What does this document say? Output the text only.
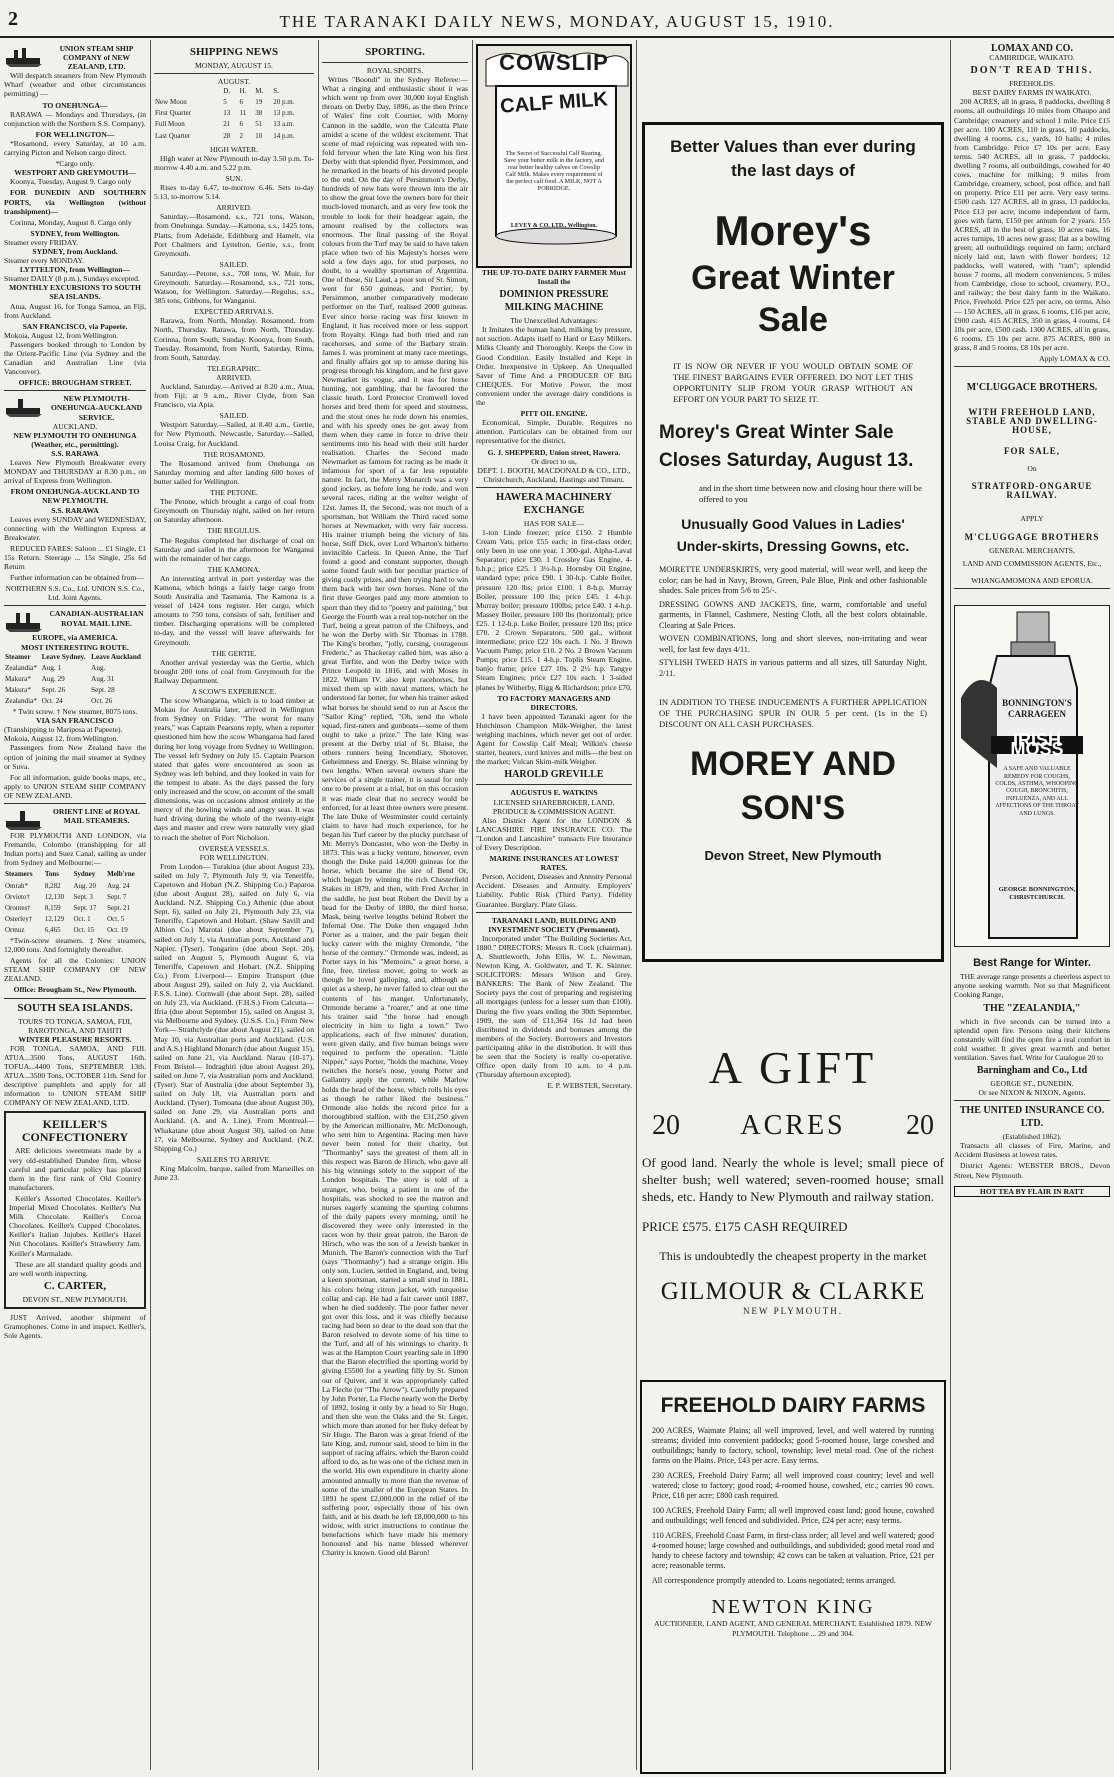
2	THE TARANAKI DAILY NEWS, MONDAY, AUGUST 15, 1910.
UNION STEAM SHIP COMPANY of NEW ZEALAND, LTD.

Will despatch steamers from New Plymouth Wharf (weather and other circumstances permitting) —

TO ONEHUNGA—

RARAWA — Mondays and Thursdays, (in conjunction with the Northern S.S. Company).

FOR WELLINGTON—

*Rosamond, every Saturday, at 10 a.m. carrying Picton and Nelson cargo direct.

*Cargo only.
WESTPORT AND GREYMOUTH—

Koonya, Tuesday, August 9. Cargo only

FOR DUNEDIN AND SOUTHERN PORTS, via Wellington (without transhipment)—

Corinna, Monday, August 8. Cargo only

SYDNEY, from Wellington.
Steamer every FRIDAY.
SYDNEY, from Auckland.
Steamer every MONDAY.
LYTTELTON, from Wellington—
Steamer DAILY (8 p.m.), Sundays excepted.
MONTHLY EXCURSIONS TO SOUTH SEA ISLANDS.

Atua, August 16, for Tonga Samoa, an Fiji, from Auckland.

SAN FRANCISCO, via Papeete.
Mokoia, August 12, from Wellington.

Passengers booked through to London by the Orient-Pacific Line (via Sydney and the Canadian and Australian Line (via Vancouver).

OFFICE: BROUGHAM STREET.
NEW PLYMOUTH-ONEHUNGA-AUCKLAND SERVICE.
AUCKLAND.
NEW PLYMOUTH TO ONEHUNGA (Weather, etc., permitting).
S.S. RARAWA

Leaves New Plymouth Breakwater every MONDAY and THURSDAY at 8.30 p.m., on arrival of Express from Wellington.

FROM ONEHUNGA-AUCKLAND TO NEW PLYMOUTH.
S.S. RARAWA

Leaves every SUNDAY and WEDNESDAY, connecting with the Wellington Express at Breakwater.

REDUCED FARES: Saloon ... £1 Single, £1 15s Return. Steerage ... 15s Single, 25s 6d Return

Further information can be obtained from—

NORTHERN S.S. Co., Ltd. UNION S.S. Co., Ltd. Joint Agents.
CANADIAN-AUSTRALIAN ROYAL MAIL LINE.
EUROPE, via AMERICA.
MOST INTERESTING ROUTE.
Steamer	Leave Sydney.	Leave Auckland
Zealandia*	Aug. 1	Aug.
Makura*	Aug. 29	Aug. 31
Makura*	Sept. 26	Sept. 28
Zealandia*	Oct. 24	Oct. 26
* Twin screw. † New steamer, 8075 tons.
VIA SAN FRANCISCO
(Transhipping to Mariposa at Papeete).
Mokoia, August 12, from Wellington.

Passengers from New Zealand have the option of joining the mail steamer at Sydney or Suva.

For all information, guide books maps, etc., apply to UNION STEAM SHIP COMPANY OF NEW ZEALAND.

ORIENT LINE of ROYAL MAIL STEAMERS.

FOR PLYMOUTH AND LONDON, via Fremantle, Colombo (transhipping for all Indian ports) and Suez Canal, sailing as under from Sydney and Melbourne:—

Steamers	Tons	Sydney	Melb'rne
Omrah*	8,282	Aug. 20	Aug. 24
Orvieto†	12,130	Sept. 3	Sept. 7
Orontes†	8,159	Sept. 17	Sept. 21
Osterley†	12,129	Oct. 1	Oct. 5
Ormuz	6,465	Oct. 15	Oct. 19

*Twin-screw steamers. ‡New steamers, 12,000 tons. And fortnightly thereafter.

Agents for all the Colonies: UNION STEAM SHIP COMPANY OF NEW ZEALAND.

Office: Brougham St., New Plymouth.
SOUTH SEA ISLANDS.
TOURS TO TONGA, SAMOA, FIJI, RAROTONGA, AND TAHITI
WINTER PLEASURE RESORTS.

FOR TONGA, SAMOA, AND FIJI. ATUA...3500 Tons, AUGUST 16th. TOFUA...4400 Tons, SEPTEMBER 13th. ATUA...3500 Tons, OCTOBER 11th. Send for descriptive pamphlets and apply for all information to UNION STEAM SHIP COMPANY OF NEW ZEALAND, LTD.

KEILLER'S CONFECTIONERY

ARE delicious sweetmeats made by a very old-established Dundee firm, whose careful and particular policy has placed them in the first rank of Old Country manufacturers.

Keiller's Assorted Chocolates. Keiller's Imperial Mixed Chocolates. Keiller's Nut Milk Chocolate. Keiller's Cocoa Chocolates. Keiller's Cupped Chocolates. Keiller's Italian Jujubes. Keiller's Hazel Nut Chocolates. Keiller's Strawberry Jam. Keiller's Marmalade.

These are all standard quality goods and are well worth inspecting.

C. CARTER,
DEVON ST., NEW PLYMOUTH.

JUST Arrived, another shipment of Gramophones. Come in and inspect. Keiller's, Sole Agents.

SHIPPING NEWS
MONDAY, AUGUST 15.
AUGUST.
	D.	H.	M.	S.
New Moon	5	6	19	20 p.m.
First Quarter	13	11	38	13 p.m.
Full Moon	21	6	51	13 a.m.
Last Quarter	28	2	10	14 p.m.
HIGH WATER.

High water at New Plymouth to-day 3.50 p.m. To-morrow 4.40 a.m. and 5.22 p.m.

SUN.

Rises to-day 6.47, to-morrow 6.46. Sets to-day 5.13, to-morrow 5.14.

ARRIVED.

Saturday.—Rosamond, s.s., 721 tons, Watson, from Onehunga. Sunday.—Kamona, s.s., 1425 tons, Platts, from Adelaide, Edithburg and Hamelt, via Port Chalmers and Lyttelton. Gertie, s.s., from Greymouth.

SAILED.

Saturday.—Petone, s.s., 708 tons, W. Muir, for Greymouth. Saturday.—Rosamond, s.s., 721 tons, Watson, for Wellington. Saturday.—Regulus, s.s., 385 tons, Gibbons, for Wanganui.

EXPECTED ARRIVALS.

Rarawa, from North, Monday. Rosamond, from North, Thursday. Rarawa, from North, Thursday. Corinna, from South, Sunday. Koonya, from South, Tuesday. Rosamond, from North, Saturday. Rimu, from South, Saturday.

TELEGRAPHIC.
ARRIVED.

Auckland, Saturday.—Arrived at 8.20 a.m., Atua, from Fiji; at 9 a.m., River Clyde, from San Francisco, via Apia.

SAILED.

Westport Saturday.—Sailed, at 8.40 a.m., Gertie, for New Plymouth. Newcastle, Saturday.—Sailed, Louisa Craig, for Auckland.

THE ROSAMOND.

The Rosamond arrived from Onehunga on Saturday morning and after landing 600 boxes of butter sailed for Wellington.

THE PETONE.

The Petone, which brought a cargo of coal from Greymouth on Thursday night, sailed on her return on Saturday afternoon.

THE REGULUS.

The Regulus completed her discharge of coal on Saturday and sailed in the afternoon for Wanganui with the remainder of her cargo.

THE KAMONA.

An interesting arrival in port yesterday was the Kamona, which brings a fairly large cargo from South Australia and Tasmania. The Kamona is a vessel of 1424 tons register. Her cargo, which amounts to 750 tons, consists of salt, fertiliser and timber. Discharging operations will be completed to-day, and the vessel will leave afterwards for Greymouth.

THE GERTIE.

Another arrival yesterday was the Gertie, which brought 200 tons of coal from Greymouth for the Railway Department.

A SCOW'S EXPERIENCE.

The scow Whangaroa, which is to load timber at Mokau for Australia later, arrived in Wellington from Sydney on Friday. "The worst for many years," was Captain Pearsons reply, when a reporter questioned him how the scow Whangaroa had fared during her long voyage from Sydney to Wellington. The vessel left Sydney on July 15. Captain Pearson stated that gales were encountered as soon as Sydney was left behind, and they looked in vain for the tempest to abate. As the days passed the fury only increased and the scow, on account of the small dimensions, was on occasions almost entirely at the mercy of the howling winds and angry seas. It was hard driving during the whole of the twenty-eight days and master and crew were naturally very glad to reach the shelter of Port Nicholson.

OVERSEA VESSELS.
FOR WELLINGTON.

From London— Turakina (due about August 23), sailed on July 7, Plymouth July 9, via Teneriffe, Capetown and Hobart (N.Z. Shipping Co.) Paparoa (due about August 28), sailed on July 6, via Auckland. N.Z. Shipping Co.) Athenic (due about Sept. 6), sailed on July 21, Plymouth July 23, via Teneriffe, Capetown and Hobart. (Shaw Savill and Albion Co.) Marotai (due about September 7), sailed on July 1, via Australian ports, Auckland and Napier. (Tyser). Tongariro (due about Sept. 20), sailed on August 5, Plymouth August 6, via Teneriffe, Capetown and Hobart. (N.Z. Shipping Co.) From Liverpool— Empire Transport (due about August 29), sailed on July 2, via Auckland. F.S.S. Line). Cornwall (due about Sept. 28), sailed on July 23, via Auckland. (F.H.S.) From Calcutta— Ifria (due about September 15), sailed on August 3, via Melbourne and Sydney. (U.S.S. Co.) From New York— Strathclyde (due about August 21), sailed on May 10, via Australian ports and Auckland. (U.S. and A.S.) Highland Monarch (due about August 15), sailed on June 21, via Auckland. Narau (10-17). From Bristol— Indraghiri (due about August 20), sailed on June 7, via Australian ports and Auckland. (Tyser). Star of Australia (due about September 3), sailed on July 18, via Australian ports and Auckland. (Tyser). Tomoana (due about August 30), sailed on June 29, via Australian ports and Auckland. (A. and A. Line). From Montreal— Whakatane (due about August 30), sailed on June 17, via Melbourne, Sydney and Auckland. (N.Z. Shipping Co.)

SAILERS TO ARRIVE.

King Malcolm, barque, sailed from Marseilles on June 23.

SPORTING.
ROYAL SPORTS.

Writes "Boondi" in the Sydney Referee:—What a ringing and enthusiastic shout it was which went up from over 30,000 loyal English throats on Derby Day, 1896, as the then Prince of Wales' fine colt Courtier, with Morny Cannon in the saddle, won the Calcutta Plate amidst a scene of the wildest excitement. That scene of mad rejoicing was repeated with ten-fold fervour when the late King won his first Derby with that splendid flyer, Persimmon, and he remarked in the hearts of his devoted people to the end. On the day of Persimmon's Derby, hundreds of new hats were thrown into the air to show the great love the owners bore for their much-loved monarch, and as very few took the trouble to look for their headgear again, the amount realised by the collectors was enormous. The final passing of the Royal colours from the Turf may be said to have taken place when two of his Majesty's horses were sold a few days ago, for stud purposes, no doubt, to a wealthy sportsman of Argentina. One of these, Sir Laud, a poor son of St. Simon, went for 650 guineas, and Perrier, by Persimmon, another comparatively moderate performer on the Turf, realised 2000 guineas. Ever since horse racing was first known in England, it has received more or less support from Royalty. Kings had both tried and ran racehorses, and some of the Barbary strain. James I. was prominent at many race meetings, and finally affairs got up to amuse during his progress through his kingdom, and he first gave Newmarket its vogue, and it was for horse hunting, not gambling, that he favoured the classic heath. Lord Protector Cromwell loved horses and bred them for speed and stoutness, and the stout ones he rode down his enemies, and with his speedy ones he got away from them when they came in force to drive their sentiments into his head with their still harder realisation. Charles the Second made Newmarket as famous for racing as he made it infamous for sport of a far less reputable nature. In fact, the Merry Monarch was a very good jockey, as before long he rode, and won several races, riding at the welter weight of 12st. James II, the Second, was not much of a sportsman, but William the Third raced some horses at Newmarket, with very fair success. His trainer triumph being the victory of his horse, Stiff Dick, over Lord Wharton's hitherto invincible Carless. In Queen Anne, the Turf found a good and constant supporter, though some found fault with her peculiar practice of giving costly prizes, and then trying hard to win them back with her own horses. None of the first three Georges paid any more attention to sport than they did to "poetry and painting," but George the Fourth was a real top-notcher on the Turf, being a great patron of the Chifneys, and he won the Derby with Sir Thomas in 1788. The King's brother, "jolly, cursing, courageous Frederic," as Thackeray called him, was also a great Turfite, and won the Derby twice with Prince Leopold in 1816, and with Moses in 1822. William IV. also kept racehorses, but mixed them up with naval matters, which he understood far better, for when his trainer asked what horses he should send to run at Ascot the "Sailor King" replied, "Oh, send the whole squad, first-raters and gunboats—some of them ought to take a prize." The late King was present at the Derby trial of St. Blaise, the others runners being Incendiary, Shotover, Geheimness and Energy. St. Blaise winning by two lengths. When several owners share the services of a single trainer, it is usual for only one to be present at a trial, but on this occasion it was made clear that no secrecy would be enforced, for at least three owners were present. The late Duke of Westminster could certainly claim to have had much experience, for he began his Turf career by the plucky purchase of Mr. Merry's Doncaster, who won the Derby in 1873. This was a lucky venture, however, even though the Duke paid 14,000 guineas for the horse, which became the sire of Bend Or, which began by winning the rich Chesterfield Stakes in 1879, and then, with Fred Archer in the saddle, he just beat Robert the Devil by a head for the Derby of 1880, the third horse, Mask, being twelve lengths behind Robert the Infernal One. The Duke then engaged John Porter as a trainer, and the pair began their lucky career with the mighty Ormonde, "the horse of the century." Ormonde was, indeed, as Porter says in his "Memoirs," a great horse, a fine, free, tireless mover, going to work as though he loved galloping, and, although as quiet as a sheep, he never failed to clear out the contents of his manger. Unfortunately, Ormonde became a "roarer," and at one time his trainer said "the horse had enough electricity in him to light a town." Two applications, each of five minutes' duration, were given daily, and five human beings were required to perform the operation. "Little Nipper," says Porter, "holds the machine, Vesey twitches the horse's nose, young Porter and Gallantry apply the current, while Marlow holds the head of the horse, which rolls his eyes as though he rather liked the business." Ormonde also holds the record price for a thoroughbred stallion, with the £31,250 given by the American millionaire, Mr. McDonough, who sent him to Argentina. Racing men have never been noted for their charity, but "Thormanby" says the greatest of them all in this respect was Baron de Hirsch, who gave all his big winnings solely to the support of the London hospitals. The story is told of a stranger, who, being a patient in one of the hospitals, was shocked to see the matron and nurses eagerly scanning the sporting columns of the daily papers every morning, until he discovered they were only interested in the races won by their great patron, the Baron de Hirsch, who was the son of a Jewish banker in Munich. The Baron's connection with the Turf (says "Thormanby") had a strange origin. His only son, Lucien, settled in England, and, being a keen sportsman, started a small stud in 1881, his colors being citron jacket, with turquoise collar and cap. He had a fair career until 1887, when he died suddenly. The poor father never got over this loss, and it was chiefly because racing had been so dear to the dead son that the Baron resolved to devote some of his time to the Turf, and all of his winnings to charity. It was at the Hampton Court yearling sale in 1890 that the Baron electrified the sporting world by giving £5500 for a yearling filly by St. Simon out of Quiver, and it was appropriately called La Fleche (or "The Arrow"). Carefully prepared by John Porter, La Fleche nearly won the Derby of 1892, losing it only by a head to Sir Hugo, and then she won the Oaks and the St. Leger, which more than atoned for her fluky defeat by Sir Hugo. The Baron was a great friend of the late King, and, rumour said, stood to him in the support of racing affairs, which the Baron could afford to do, as he was one of the richest men in the world. His own expenditure in charity alone amounted annually to more than the revenue of some of the smaller of the European States. In 1891 he spent £2,000,000 in the relief of the suffering poor, especially those of his own faith, and at his death he left £8,000,000 to his widow, with strict instructions to continue the benefactions which have made his memory honoured and his name blessed wherever Charity is known. Good old Baron!

COWSLIP
CALF MILK
The Secret of Successful Calf Rearing. Save your butter milk in the factory, and rear better healthy calves on Cowslip Calf Milk. Makes every requirement of the perfect calf food. A MILK, NOT A PORRIDGE.
LEVEY & CO. LTD., Wellington.
THE UP-TO-DATE DAIRY FARMER Must Install the
DOMINION PRESSURE MILKING MACHINE
The Unexcelled Advantages:

It Imitates the human hand, milking by pressure, not suction. Adapts itself to Hard or Easy Milkers. Milks Cleanly and Thoroughly. Keeps the Cow in Good Condition. Easily Installed and Kept in Order. Inexpensive in Upkeep. An Unequalled Saver of Time And a PRODUCER OF BIG CHEQUES. For Motive Power, the most convenient under the average dairy conditions is the

PITT OIL ENGINE.

Economical, Simple, Durable. Requires no attention. Particulars can be obtained from our representative for the district,

G. J. SHEPPERD, Union street, Hawera.
Or direct to us,
DEPT. 1. BOOTH, MACDONALD & CO., LTD., Christchurch, Auckland, Hastings and Timaru.
HAWERA MACHINERY EXCHANGE
HAS FOR SALE—

1-ton Linde freezer; price £150. 2 Humble Cream Vats, price £55 each; in first-class order; only been in use one year. 1 300-gal. Alpha-Laval Separator; price £30. 1 Crossley Gas Engine, 4-b.h.p.; price £25. 1 3½-h.p. Hornsby Oil Engine, standard type; price £90. 1 30-h.p. Cable Boiler, pressure 120 lbs; price £100. 1 8-h.p. Murray Boiler, pressure 100 lbs; price £45. 1 4-h.p. Murray boiler; pressure 100lbs; price £40. 1 4-h.p. Massey Boiler, pressure 100 lbs (horizontal); price £25. 1 12-h.p. Luke Boiler, pressure 120 lbs; price £70. 2 Crown Separators, 500 gal., without intermediate; price £22 10s each. 1 No. 3 Brown Vacuum Pump; price £10. 2 No. 2 Brown Vacuum Pumps; price £15. 1 4-h.p. Toplis Steam Engine, banjo frame; price £27 10s. 2 2½ h.p. Tangye Steam Engines; price £27 10s each. 1 3-sided planes by Witherby, Rigg & Richardson; price £70.

TO FACTORY MANAGERS AND DIRECTORS.

I have been appointed Taranaki agent for the Hutchinson Champion Milk-Weigher, the latest weighing machines, which never get out of order. Agent for Cowslip Calf Meal; Wilkin's cheese starter, heaters, curd knives and mills—the best on the market; Vulcan Skim-milk Weigher.

HAROLD GREVILLE
AUGUSTUS E. WATKINS
LICENSED SHAREBROKER, LAND, PRODUCE & COMMISSION AGENT.

Also District Agent for the LONDON & LANCASHIRE FIRE INSURANCE CO. The "London and Lancashire" transacts Fire Insurance of Every Description.

MARINE INSURANCES AT LOWEST RATES.

Person, Accident, Diseases and Annuity Personal Accident. Diseases and Annuity. Employers' Liability. Public Risk (Third Party). Fidelity Guarantee. Burglary. Plate Glass.

TARANAKI LAND, BUILDING AND INVESTMENT SOCIETY (Permanent).

Incorporated under "The Building Societies Act, 1880." DIRECTORS: Messrs R. Cock (chairman), A. Shuttleworth, John Ellis, W. L. Newman, Newton King, A. Goldwater, and T. K. Skinner. SOLICITORS: Messrs Wilson and Grey. BANKERS: The Bank of New Zealand. The Society pays the cost of preparing and registering all mortgages (unless for a lesser sum than £100). During the five years ending the 30th September, 1909, the sum of £11,364 16s 1d had been distributed in dividends and bonuses among the members of the Society. Borrowers and Investors participating alike in the distribution. It will thus be seen that the Society is really co-operative. Office open daily from 10 a.m. to 4 p.m. (Thursday afternoon excepted).

E. P. WEBSTER, Secretary.
Better Values than ever during the last days of
Morey's
Great Winter Sale
IT IS NOW OR NEVER IF YOU WOULD OBTAIN SOME OF THE FINEST BARGAINS EVER OFFERED. DO NOT LET THIS OPPORTUNITY SLIP FROM YOUR GRASP WITHOUT AN EFFORT ON YOUR PART TO SEIZE IT.
Morey's Great Winter Sale Closes Saturday, August 13.
and in the short time between now and closing hour there will be offered to you
Unusually Good Values in Ladies' Under-skirts, Dressing Gowns, etc.
MOIRETTE UNDERSKIRTS, very good material, will wear well, and keep the color; can be had in Navy, Brown, Green, Pale Blue, Pink and other fashionable shades. Sale prices from 5/6 to 25/-.
DRESSING GOWNS AND JACKETS, fine, warm, comfortable and useful garments, in Flannel, Cashmere, Nesting Cloth, all the best colors obtainable. Clearing at Sale Prices.
WOVEN COMBINATIONS, long and short sleeves, non-irritating and wear well, for last few days 4/11.
STYLISH TWEED HATS in various patterns and all sizes, till Saturday Night, 2/11.
IN ADDITION TO THESE INDUCEMENTS A FURTHER APPLICATION OF THE PURCHASING SPUR IN OUR 5 per cent. (1s in the £) DISCOUNT ON ALL CASH PURCHASES.
MOREY AND SON'S
Devon Street, New Plymouth
A GIFT
20 ACRES 20
Of good land. Nearly the whole is level; small piece of shelter bush; well watered; seven-roomed house; small sheds, etc. Handy to New Plymouth and railway station.
PRICE £575. £175 CASH REQUIRED
This is undoubtedly the cheapest property in the market
GILMOUR & CLARKE
NEW PLYMOUTH.
FREEHOLD DAIRY FARMS
200 ACRES, Waimate Plains; all well improved, level, and well watered by running streams; divided into convenient paddocks; good 5-roomed house, large cowshed and outbuildings; handy to factory, school, township; level metal road. One of the richest farms on the Plains. Price, £43 per acre. Easy terms.
230 ACRES, Freehold Dairy Farm; all well improved coast country; level and well watered; close to factory; good road; 4-roomed house, cowshed, etc.; carries 90 cows. Price, £18 per acre; £800 cash required.
100 ACRES, Freehold Dairy Farm; all well improved coast land; good house, cowshed and outbuildings; well fenced and subdivided. Price, £24 per acre; easy terms.
110 ACRES, Freehold Coast Farm, in first-class order; all level and well watered; good 4-roomed house; large cowshed and outbuildings, and subdivided; good metal road and handy to cheese factory and township; 42 cows can be taken at valuation. Price, £21 per acre; reasonable terms.
All correspondence promptly attended to. Loans negotiated; terms arranged.
NEWTON KING
AUCTIONEER, LAND AGENT, AND GENERAL MERCHANT, Established 1879. NEW PLYMOUTH. Telephone ... 29 and 304.
LOMAX AND CO.
CAMBRIDGE, WAIKATO.
DON'T READ THIS.
FREEHOLDS.
BEST DAIRY FARMS IN WAIKATO.

200 ACRES, all in grass, 8 paddocks, dwelling 8 rooms, all outbuildings 10 miles from Ohaupo and Cambridge; creamery and school 1 mile. Price £15 per acre. 100 ACRES, 110 in grass, 10 paddocks, dwelling 4 rooms, c.s., yards, 10 bails; 4 miles from Cambridge. Price £7 10s per acre. Easy terms. 540 ACRES, all in grass, 7 paddocks, dwelling 7 rooms, all outbuildings, cowshed for 40 cows, machine for milking; 9 miles from Cambridge, creamery, school, post office, and hall on property. Price £11 per acre. Very easy terms. £500 cash. 127 ACRES, all in grass, 13 paddocks, Price £13 per acre; income independent of farm, goes with farm, £150 per annum for 2 years. 155 ACRES, all in the best of grass, 10 acres oats, 16 acres turnips, 10 acres new grass; flat as a bowling green; all outbuildings required on farm; orchard nicely laid out, lawn with flower borders; 12 paddocks, well watered, with "ram"; splendid house 7 rooms, all modern conveniences, 5 miles from Cambridge, close to school, creamery, P.O., and railway; the best dairy farm in the Waikato. Price, Freehold. Price £25 per acre, on terms. Also— 150 ACRES, all in grass, 6 rooms, £16 per acre, £900 cash. 415 ACRES, 350 in grass, 4 rooms, £4 10s per acre, £500 cash. 1300 ACRES, all in grass, 6 rooms, £5 10s per acre. 875 ACRES, 800 in grass, 8 and 5 rooms, £8 10s per acre.

Apply LOMAX & CO.
M'CLUGGACE BROTHERS.
WITH FREEHOLD LAND, STABLE AND DWELLING-HOUSE,
FOR SALE,
On
STRATFORD-ONGARUE RAILWAY.
APPLY
M'CLUGGAGE BROTHERS
GENERAL MERCHANTS,
LAND AND COMMISSION AGENTS, Etc.,
WHANGAMOMONA AND EPORUA.
BONNINGTON'S CARRAGEEN
IRISH MOSS
A SAFE AND VALUABLE REMEDY FOR COUGHS, COLDS, ASTHMA, WHOOPING COUGH, BRONCHITIS, INFLUENZA, AND ALL AFFECTIONS OF THE THROAT AND LUNGS.
GEORGE BONNINGTON, CHRISTCHURCH.
Best Range for Winter.

THE average range presents a cheerless aspect to anyone seeking warmth. Not so that Magnificent Cooking Range,

THE "ZEALANDIA,"

which in five seconds can be turned into a splendid open fire. Persons using their kitchens constantly will find the open fire a real comfort in cold weather. It gives great warmth and better ventilation. Saves fuel. Write for Catalogue 20 to

Barningham and Co., Ltd
GEORGE ST., DUNEDIN.
Or see NIXON & NIXON, Agents.
THE UNITED INSURANCE CO. LTD.
(Established 1862).

Transacts all classes of Fire, Marine, and Accident Business at lowest rates.

District Agents: WEBSTER BROS., Devon Street, New Plymouth.

HOT TEA BY FLAIR IN RATT
